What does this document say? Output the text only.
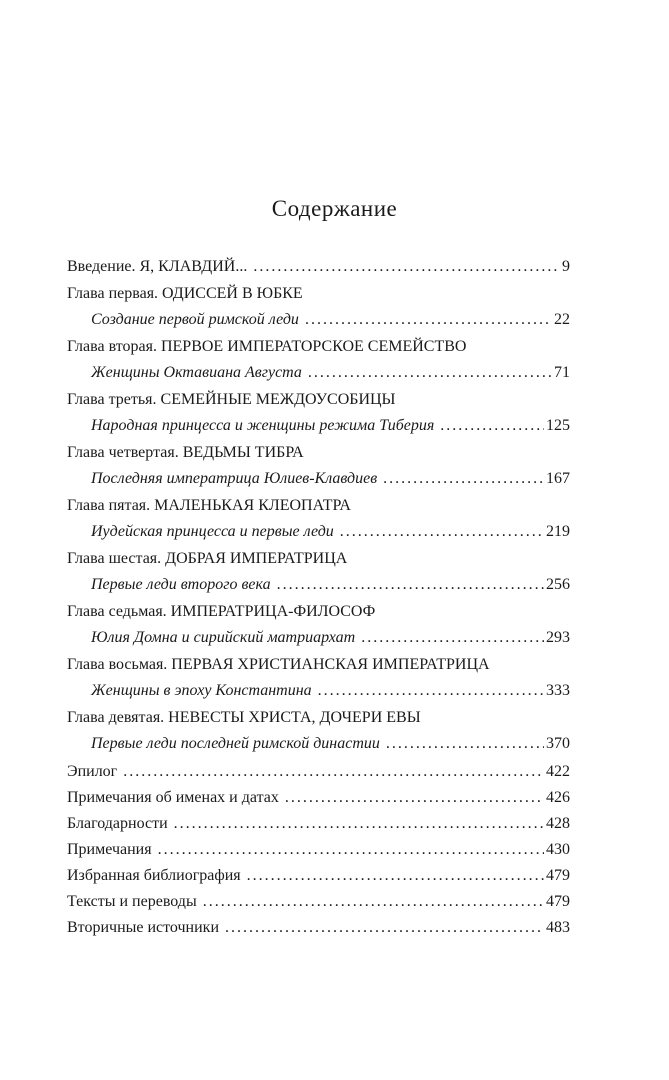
Содержание
Введение. Я, КЛАВДИЙ... . . .	9
Глава первая. ОДИССЕЙ В ЮБКЕ
Создание первой римской леди . . .	22
Глава вторая. ПЕРВОЕ ИМПЕРАТОРСКОЕ СЕМЕЙСТВО
Женщины Октавиана Августа . . .	71
Глава третья. СЕМЕЙНЫЕ МЕЖДОУСОБИЦЫ
Народная принцесса и женщины режима Тиберия . . .	125
Глава четвертая. ВЕДЬМЫ ТИБРА
Последняя императрица Юлиев-Клавдиев . . .	167
Глава пятая. МАЛЕНЬКАЯ КЛЕОПАТРА
Иудейская принцесса и первые леди . . .	219
Глава шестая. ДОБРАЯ ИМПЕРАТРИЦА
Первые леди второго века . . .	256
Глава седьмая. ИМПЕРАТРИЦА-ФИЛОСОФ
Юлия Домна и сирийский матриархат . . .	293
Глава восьмая. ПЕРВАЯ ХРИСТИАНСКАЯ ИМПЕРАТРИЦА
Женщины в эпоху Константина . . .	333
Глава девятая. НЕВЕСТЫ ХРИСТА, ДОЧЕРИ ЕВЫ
Первые леди последней римской династии . . .	370
Эпилог . . .	422
Примечания об именах и датах . . .	426
Благодарности . . .	428
Примечания . . .	430
Избранная библиография . . .	479
Тексты и переводы . . .	479
Вторичные источники . . .	483
